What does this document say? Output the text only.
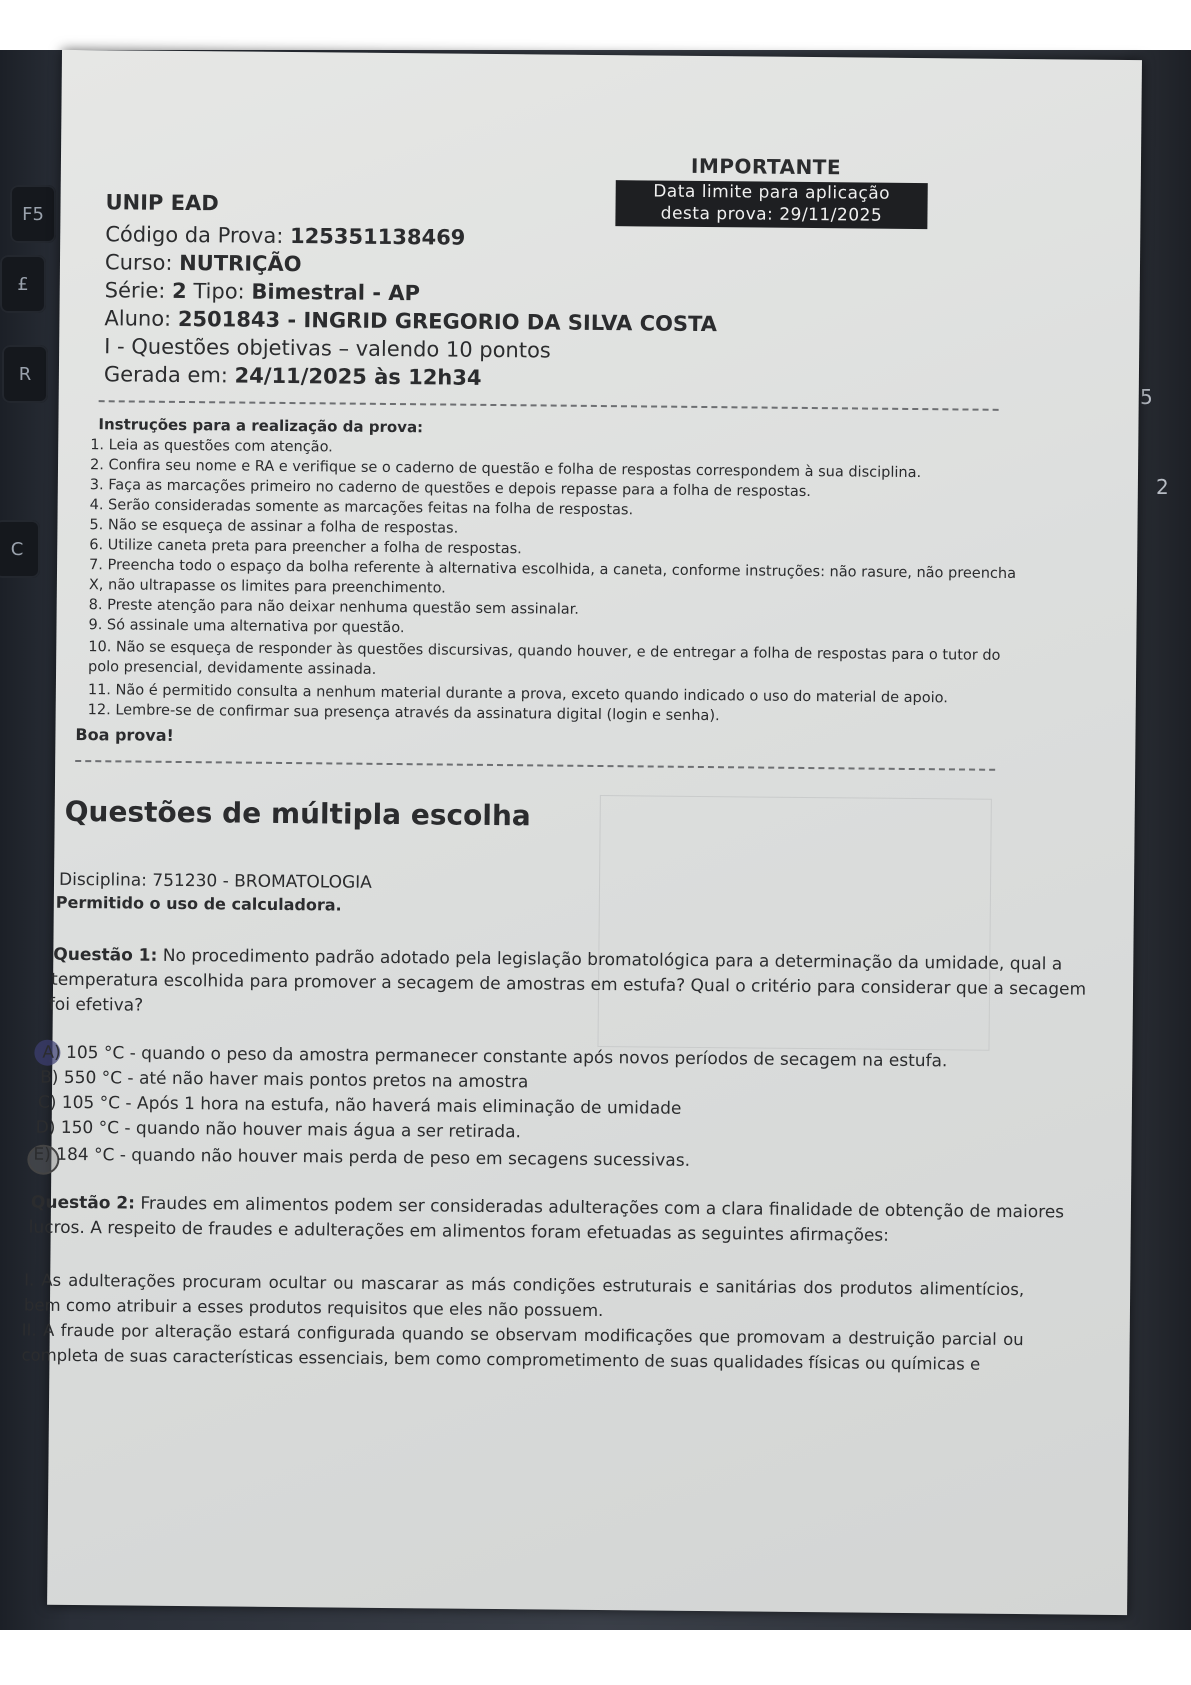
F5
£
R
C
5
2
IMPORTANTE
Data limite para aplicação
desta prova: 29/11/2025
UNIP EAD
Código da Prova: 125351138469
Curso: NUTRIÇÃO
Série: 2 Tipo: Bimestral - AP
Aluno: 2501843 - INGRID GREGORIO DA SILVA COSTA
I - Questões objetivas – valendo 10 pontos
Gerada em: 24/11/2025 às 12h34
Instruções para a realização da prova:
1. Leia as questões com atenção.
2. Confira seu nome e RA e verifique se o caderno de questão e folha de respostas correspondem à sua disciplina.
3. Faça as marcações primeiro no caderno de questões e depois repasse para a folha de respostas.
4. Serão consideradas somente as marcações feitas na folha de respostas.
5. Não se esqueça de assinar a folha de respostas.
6. Utilize caneta preta para preencher a folha de respostas.
7. Preencha todo o espaço da bolha referente à alternativa escolhida, a caneta, conforme instruções: não rasure, não preencha
X, não ultrapasse os limites para preenchimento.
8. Preste atenção para não deixar nenhuma questão sem assinalar.
9. Só assinale uma alternativa por questão.
10. Não se esqueça de responder às questões discursivas, quando houver, e de entregar a folha de respostas para o tutor do
polo presencial, devidamente assinada.
11. Não é permitido consulta a nenhum material durante a prova, exceto quando indicado o uso do material de apoio.
12. Lembre-se de confirmar sua presença através da assinatura digital (login e senha).
Boa prova!
Questões de múltipla escolha
Disciplina: 751230 - BROMATOLOGIA
Permitido o uso de calculadora.
Questão 1: No procedimento padrão adotado pela legislação bromatológica para a determinação da umidade, qual a
temperatura escolhida para promover a secagem de amostras em estufa? Qual o critério para considerar que a secagem
foi efetiva?
A) 105 °C - quando o peso da amostra permanecer constante após novos períodos de secagem na estufa.
B) 550 °C - até não haver mais pontos pretos na amostra
C) 105 °C - Após 1 hora na estufa, não haverá mais eliminação de umidade
D) 150 °C - quando não houver mais água a ser retirada.
E) 184 °C - quando não houver mais perda de peso em secagens sucessivas.
Questão 2: Fraudes em alimentos podem ser consideradas adulterações com a clara finalidade de obtenção de maiores
lucros. A respeito de fraudes e adulterações em alimentos foram efetuadas as seguintes afirmações:
I. As adulterações procuram ocultar ou mascarar as más condições estruturais e sanitárias dos produtos alimentícios, bem como atribuir a esses produtos requisitos que eles não possuem.
II. A fraude por alteração estará configurada quando se observam modificações que promovam a destruição parcial ou completa de suas características essenciais, bem como comprometimento de suas qualidades físicas ou químicas e
